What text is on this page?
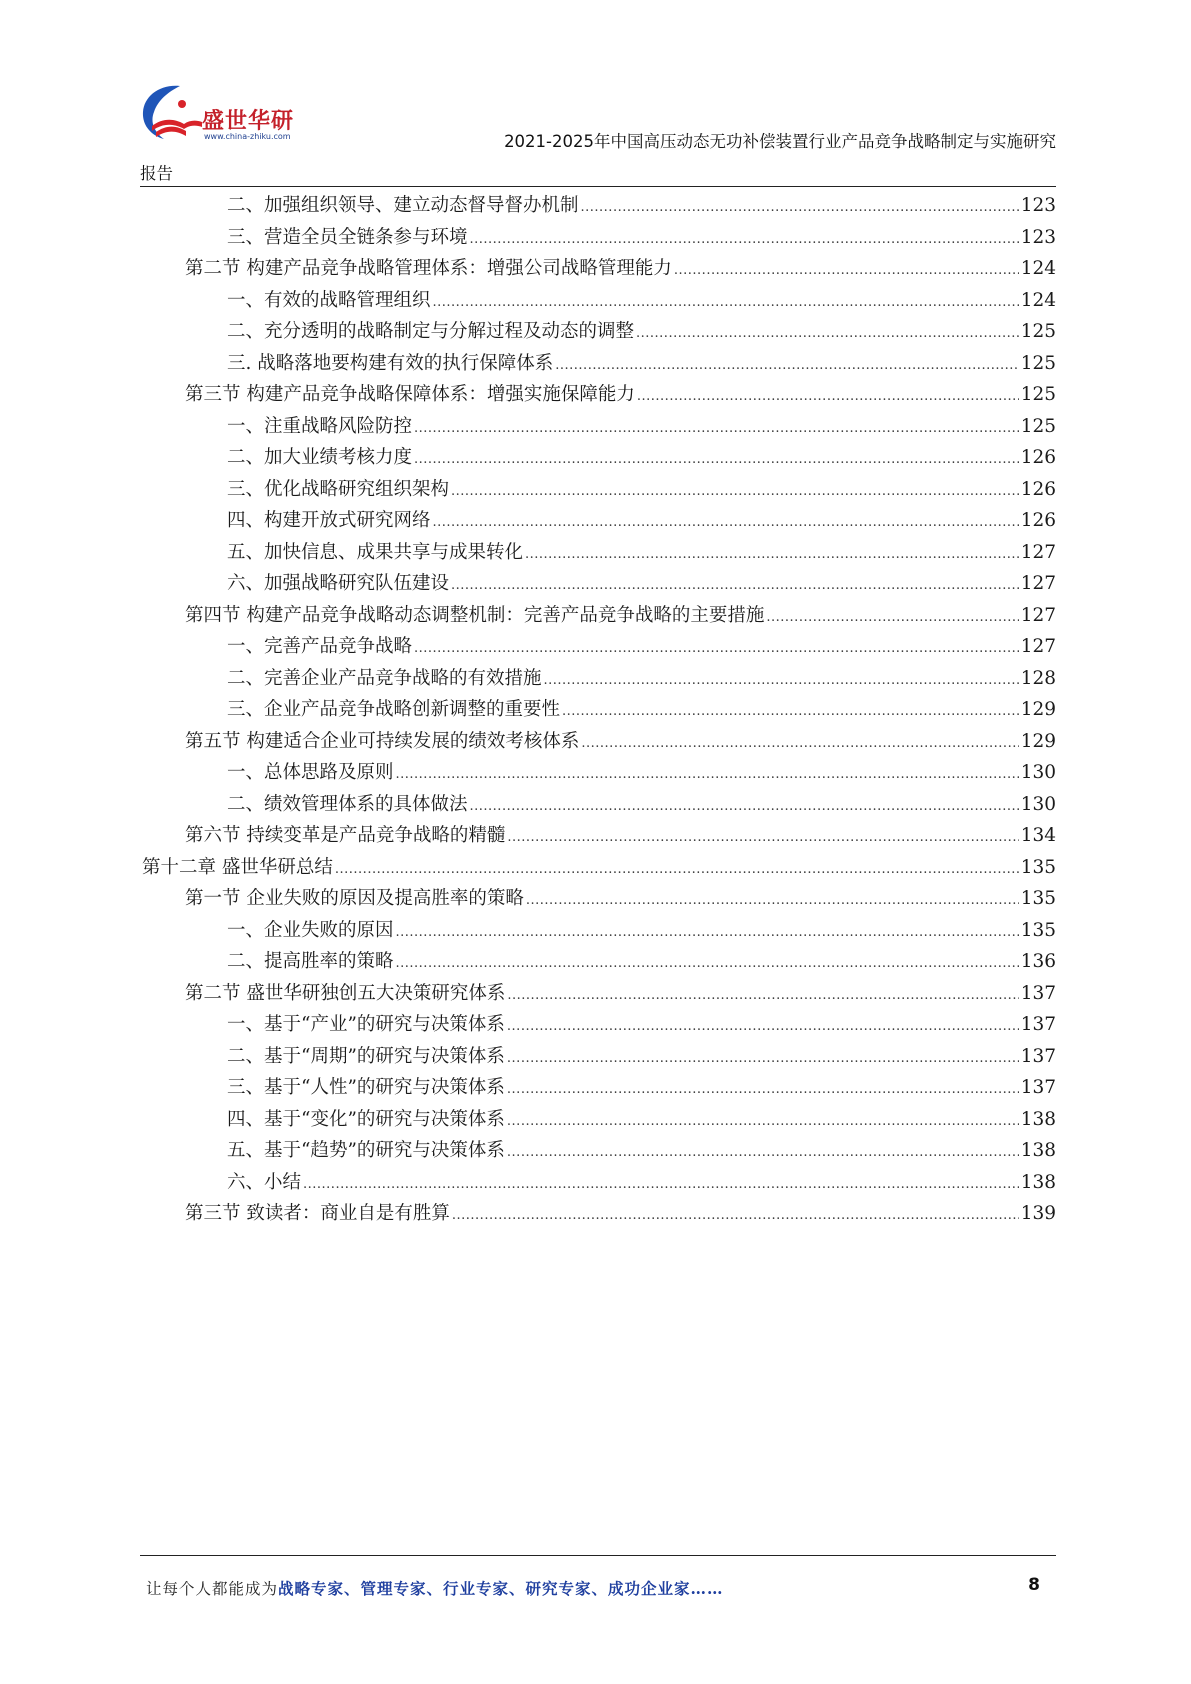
盛世华研
www.china-zhiku.com	2021-2025年中国高压动态无功补偿装置行业产品竞争战略制定与实施研究
报告
二、加强组织领导、建立动态督导督办机制 .....	123
三、营造全员全链条参与环境 .....	123
第二节 构建产品竞争战略管理体系：增强公司战略管理能力 .....	124
一、有效的战略管理组织 .....	124
二、充分透明的战略制定与分解过程及动态的调整 .....	125
三. 战略落地要构建有效的执行保障体系 .....	125
第三节 构建产品竞争战略保障体系：增强实施保障能力 .....	125
一、注重战略风险防控 .....	125
二、加大业绩考核力度 .....	126
三、优化战略研究组织架构 .....	126
四、构建开放式研究网络 .....	126
五、加快信息、成果共享与成果转化 .....	127
六、加强战略研究队伍建设 .....	127
第四节 构建产品竞争战略动态调整机制：完善产品竞争战略的主要措施 .....	127
一、完善产品竞争战略 .....	127
二、完善企业产品竞争战略的有效措施 .....	128
三、企业产品竞争战略创新调整的重要性 .....	129
第五节 构建适合企业可持续发展的绩效考核体系 .....	129
一、总体思路及原则 .....	130
二、绩效管理体系的具体做法 .....	130
第六节 持续变革是产品竞争战略的精髓 .....	134
第十二章 盛世华研总结 .....	135
第一节 企业失败的原因及提高胜率的策略 .....	135
一、企业失败的原因 .....	135
二、提高胜率的策略 .....	136
第二节 盛世华研独创五大决策研究体系 .....	137
一、基于“产业”的研究与决策体系 .....	137
二、基于“周期”的研究与决策体系 .....	137
三、基于“人性”的研究与决策体系 .....	137
四、基于“变化”的研究与决策体系 .....	138
五、基于“趋势”的研究与决策体系 .....	138
六、小结 .....	138
第三节 致读者：商业自是有胜算 .....	139
让每个人都能成为战略专家、管理专家、行业专家、研究专家、成功企业家……	8
